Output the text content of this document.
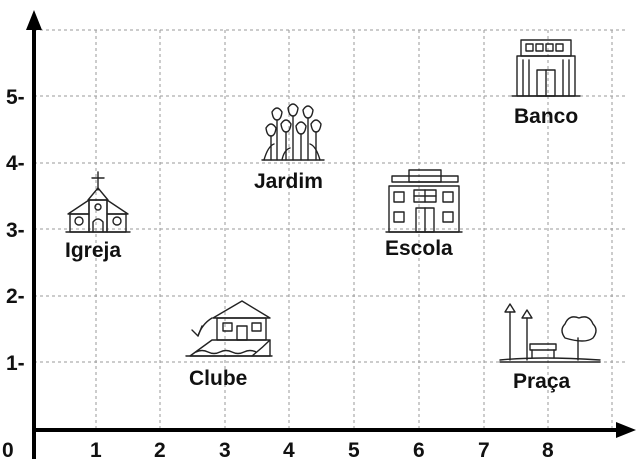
0	1 2	3 4	5	6	7 8
1-
2-
3-
4-
5-
Igreja
Jardim
Escola
Banco
Clube	Praça
